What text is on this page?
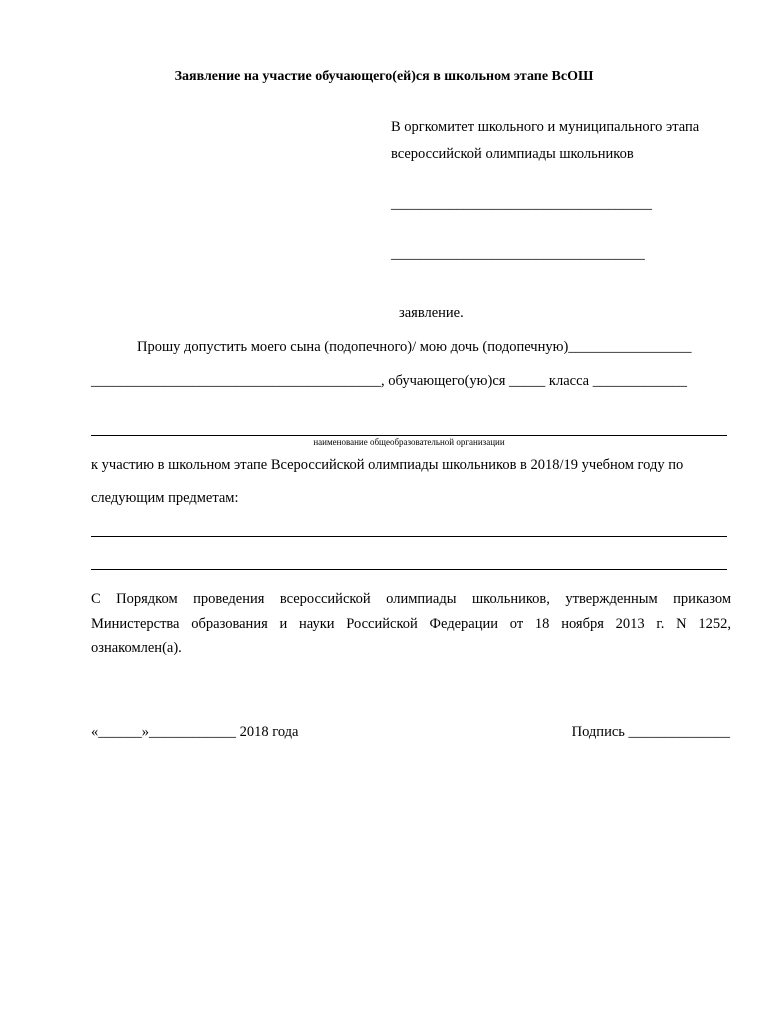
Заявление на участие обучающего(ей)ся в школьном этапе ВсОШ
В оргкомитет школьного и муниципального этапа
всероссийской олимпиады школьников
____________________________________
___________________________________
заявление.
Прошу допустить моего сына (подопечного)/ мою дочь (подопечную)_________________
________________________________________, обучающего(ую)ся _____ класса _____________
наименование общеобразовательной организации
к участию в школьном этапе Всероссийской олимпиады школьников в 2018/19 учебном году по
следующим предметам:
С Порядком проведения всероссийской олимпиады школьников, утвержденным приказом
Министерства образования и науки Российской Федерации от 18 ноября 2013 г. N 1252,
ознакомлен(а).
«______»____________ 2018 года	Подпись ______________
